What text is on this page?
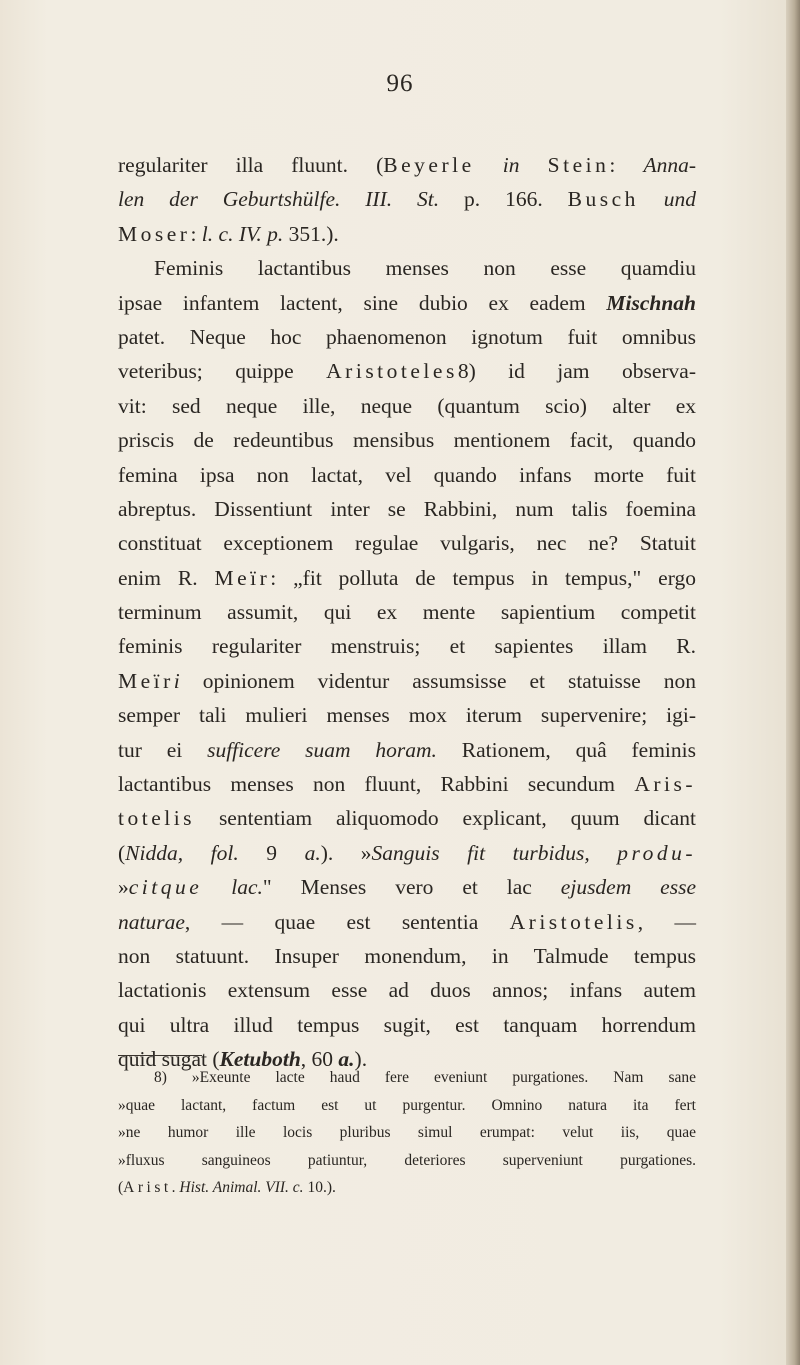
96
regulariter illa fluunt. (Beyerle in Stein: Anna-
len der Geburtshülfe. III. St. p. 166. Busch und
Moser: l. c. IV. p. 351.).
Feminis lactantibus menses non esse quamdiu
ipsae infantem lactent, sine dubio ex eadem Mischnah
patet. Neque hoc phaenomenon ignotum fuit omnibus
veteribus; quippe Aristoteles8) id jam observa-
vit: sed neque ille, neque (quantum scio) alter ex
priscis de redeuntibus mensibus mentionem facit, quando
femina ipsa non lactat, vel quando infans morte fuit
abreptus. Dissentiunt inter se Rabbini, num talis foemina
constituat exceptionem regulae vulgaris, nec ne? Statuit
enim R. Meïr: „fit polluta de tempus in tempus," ergo
terminum assumit, qui ex mente sapientium competit
feminis regulariter menstruis; et sapientes illam R.
Meïri opinionem videntur assumsisse et statuisse non
semper tali mulieri menses mox iterum supervenire; igi-
tur ei sufficere suam horam. Rationem, quâ feminis
lactantibus menses non fluunt, Rabbini secundum Aris-
totelis sententiam aliquomodo explicant, quum dicant
(Nidda, fol. 9 a.). »Sanguis fit turbidus, produ-
»citque lac." Menses vero et lac ejusdem esse
naturae, — quae est sententia Aristotelis, —
non statuunt. Insuper monendum, in Talmude tempus
lactationis extensum esse ad duos annos; infans autem
qui ultra illud tempus sugit, est tanquam horrendum
quid sugat (Ketuboth, 60 a.).
8) »Exeunte lacte haud fere eveniunt purgationes. Nam sane
»quae lactant, factum est ut purgentur. Omnino natura ita fert
»ne humor ille locis pluribus simul erumpat: velut iis, quae
»fluxus sanguineos patiuntur, deteriores superveniunt purgationes.
(Arist. Hist. Animal. VII. c. 10.).
